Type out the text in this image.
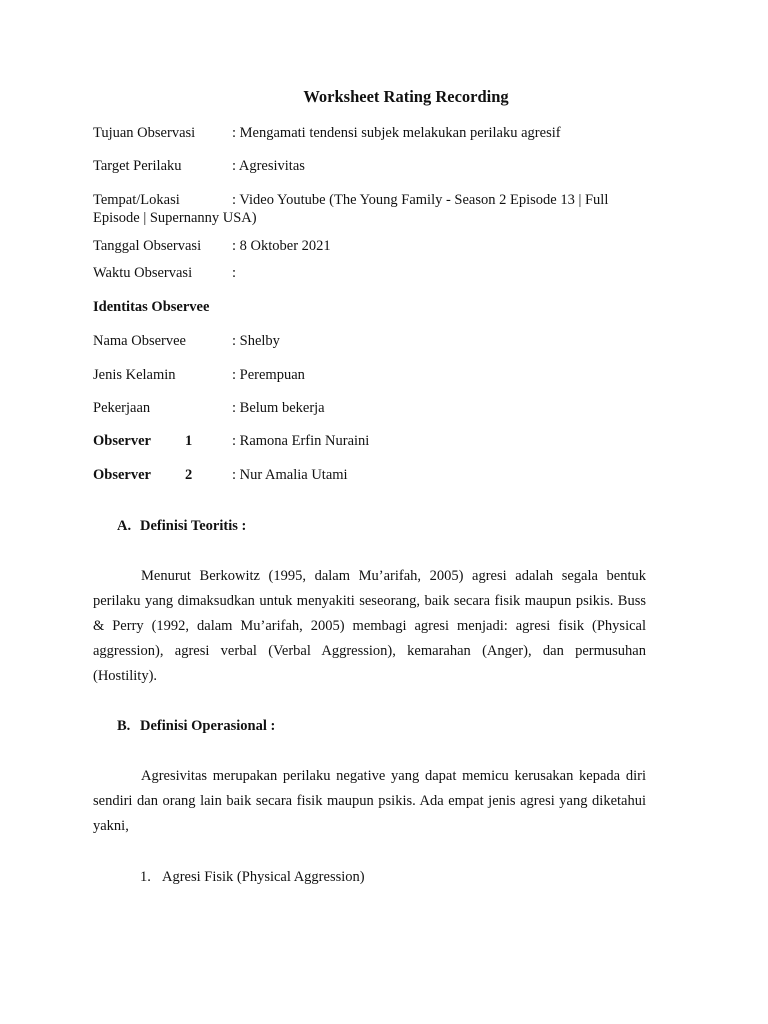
Worksheet Rating Recording
Tujuan Observasi	: Mengamati tendensi subjek melakukan perilaku agresif
Target Perilaku	: Agresivitas
Tempat/Lokasi	: Video Youtube (The Young Family - Season 2 Episode 13 | Full
Episode | Supernanny USA)
Tanggal Observasi : 8 Oktober 2021
Waktu Observasi	:
Identitas Observee
Nama Observee	: Shelby
Jenis Kelamin	: Perempuan
Pekerjaan	: Belum bekerja
Observer 1	: Ramona Erfin Nuraini
Observer 2	: Nur Amalia Utami
A. Definisi Teoritis :
Menurut Berkowitz (1995, dalam Mu’arifah, 2005) agresi adalah segala bentuk perilaku yang dimaksudkan untuk menyakiti seseorang, baik secara fisik maupun psikis. Buss & Perry (1992, dalam Mu’arifah, 2005) membagi agresi menjadi: agresi fisik (Physical aggression), agresi verbal (Verbal Aggression), kemarahan (Anger), dan permusuhan (Hostility).
B. Definisi Operasional :
Agresivitas merupakan perilaku negative yang dapat memicu kerusakan kepada diri sendiri dan orang lain baik secara fisik maupun psikis. Ada empat jenis agresi yang diketahui yakni,
1. Agresi Fisik (Physical Aggression)
